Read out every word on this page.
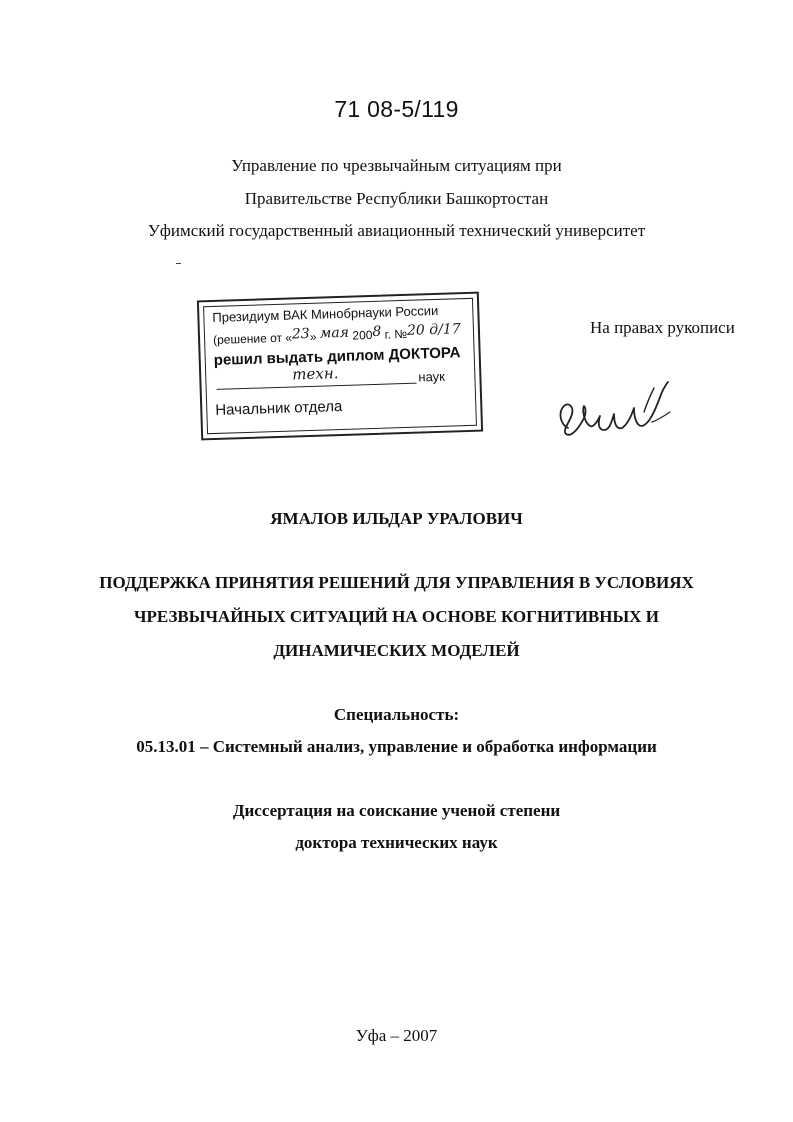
71 08-5/119
Управление по чрезвычайным ситуациям при
Правительстве Республики Башкортостан
Уфимский государственный авиационный технический университет
Президиум ВАК Минобрнауки России
(решение от «23» мая 2008 г. №20 д/17
решил выдать диплом ДОКТОРА
техн.	наук
Начальник отдела
На правах рукописи
ЯМАЛОВ ИЛЬДАР УРАЛОВИЧ
ПОДДЕРЖКА ПРИНЯТИЯ РЕШЕНИЙ ДЛЯ УПРАВЛЕНИЯ В УСЛОВИЯХ
ЧРЕЗВЫЧАЙНЫХ СИТУАЦИЙ НА ОСНОВЕ КОГНИТИВНЫХ И
ДИНАМИЧЕСКИХ МОДЕЛЕЙ
Специальность:
05.13.01 – Системный анализ, управление и обработка информации
Диссертация на соискание ученой степени
доктора технических наук
Уфа – 2007
